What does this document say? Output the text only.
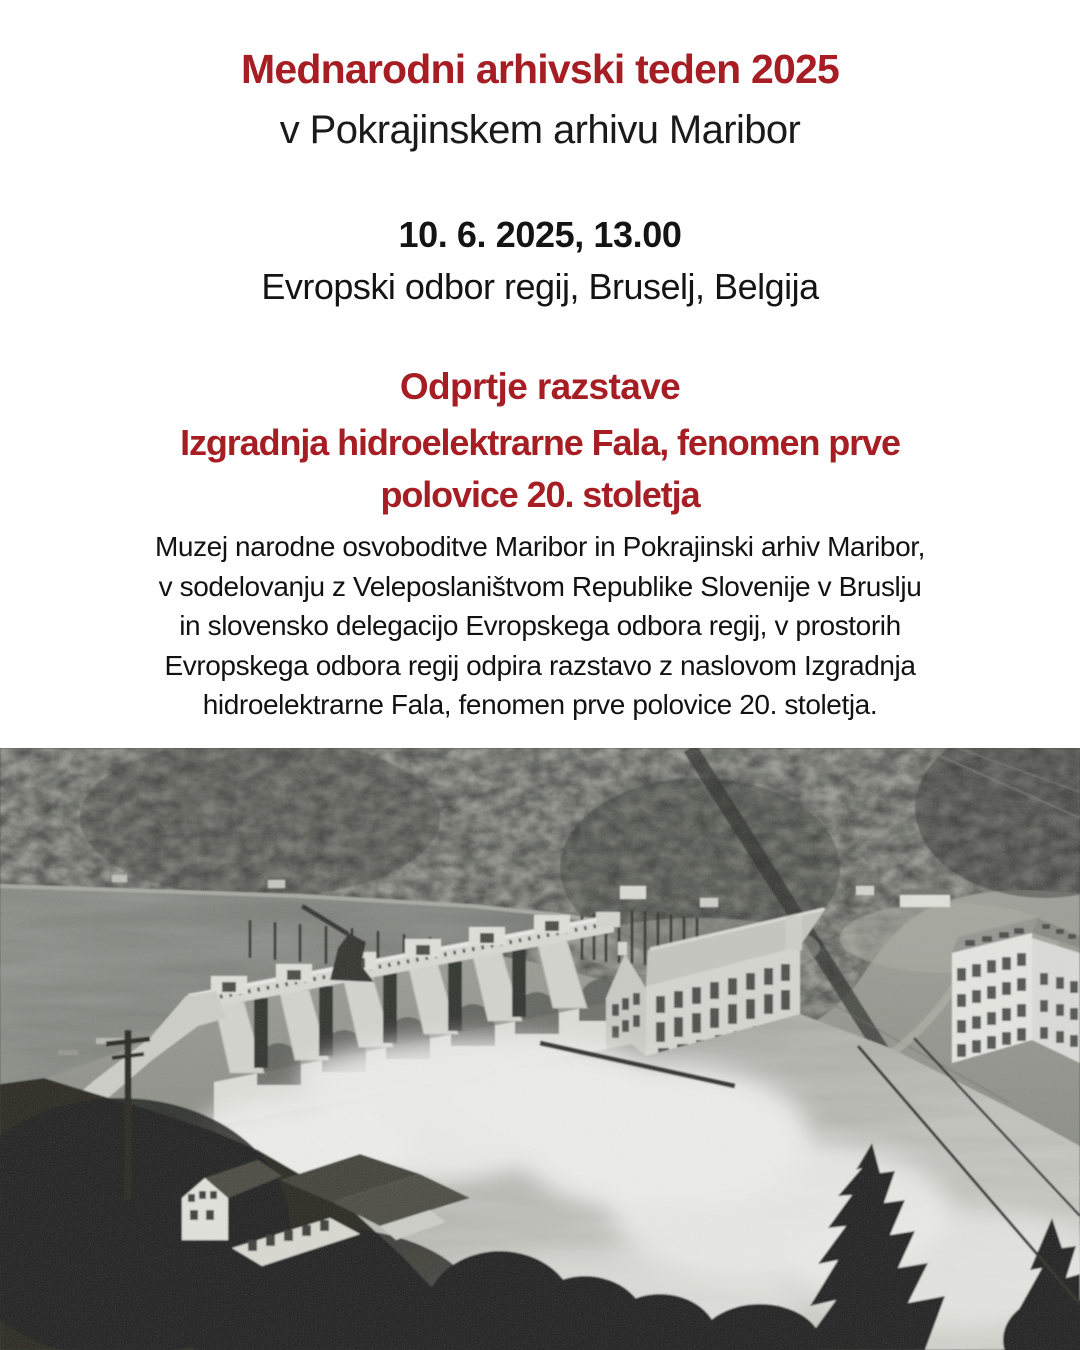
Mednarodni arhivski teden 2025
v Pokrajinskem arhivu Maribor
10. 6. 2025, 13.00
Evropski odbor regij, Bruselj, Belgija
Odprtje razstave
Izgradnja hidroelektrarne Fala, fenomen prve
polovice 20. stoletja
Muzej narodne osvoboditve Maribor in Pokrajinski arhiv Maribor,
v sodelovanju z Veleposlaništvom Republike Slovenije v Bruslju
in slovensko delegacijo Evropskega odbora regij, v prostorih
Evropskega odbora regij odpira razstavo z naslovom Izgradnja
hidroelektrarne Fala, fenomen prve polovice 20. stoletja.
